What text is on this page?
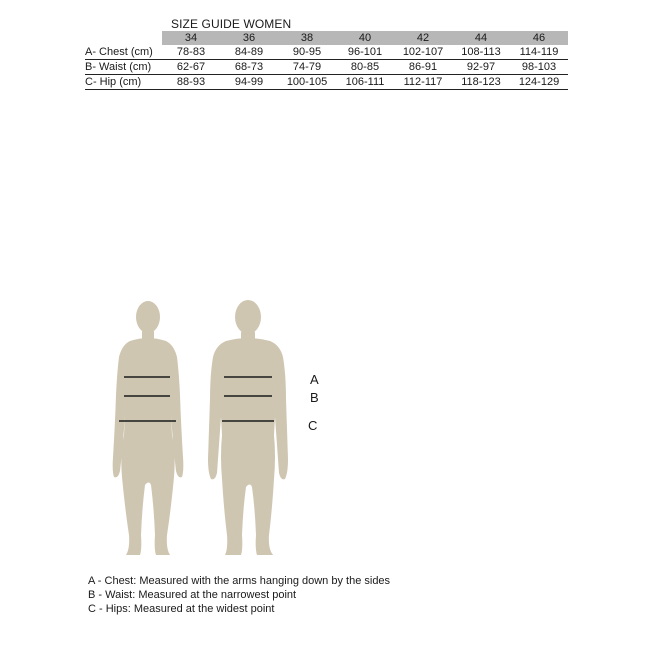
SIZE GUIDE WOMEN
	34	36	38	40	42	44	46
A- Chest (cm)	78-83	84-89	90-95	96-101	102-107	108-113	114-119
B- Waist (cm)	62-67	68-73	74-79	80-85	86-91	92-97	98-103
C- Hip (cm)	88-93	94-99	100-105	106-111	112-117	118-123	124-129
A
B
C
A - Chest: Measured with the arms hanging down by the sides
B - Waist: Measured at the narrowest point
C - Hips: Measured at the widest point
